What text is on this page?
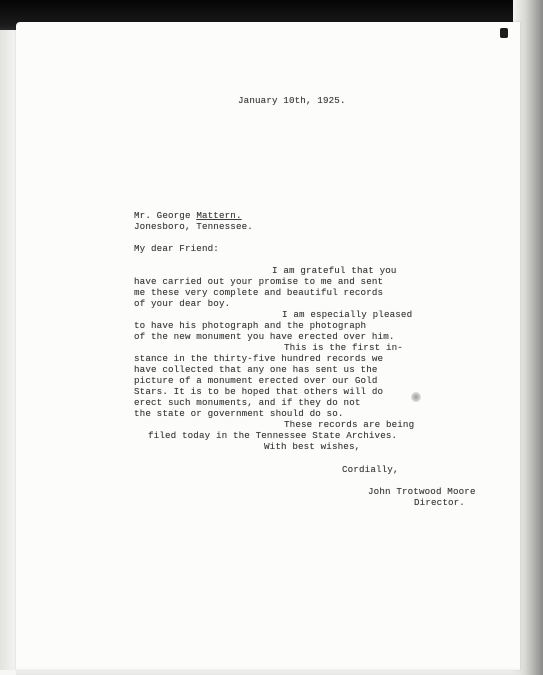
January 10th, 1925.
Mr. George Mattern.
Jonesboro, Tennessee.
My dear Friend:
I am grateful that you
have carried out your promise to me and sent
me these very complete and beautiful records
of your dear boy.
I am especially pleased
to have his photograph and the photograph
of the new monument you have erected over him.
This is the first in-
stance in the thirty-five hundred records we
have collected that any one has sent us the
picture of a monument erected over our Gold
Stars. It is to be hoped that others will do
erect such monuments, and if they do not
the state or government should do so.
These records are being
filed today in the Tennessee State Archives.
With best wishes,
Cordially,
John Trotwood Moore
Director.
